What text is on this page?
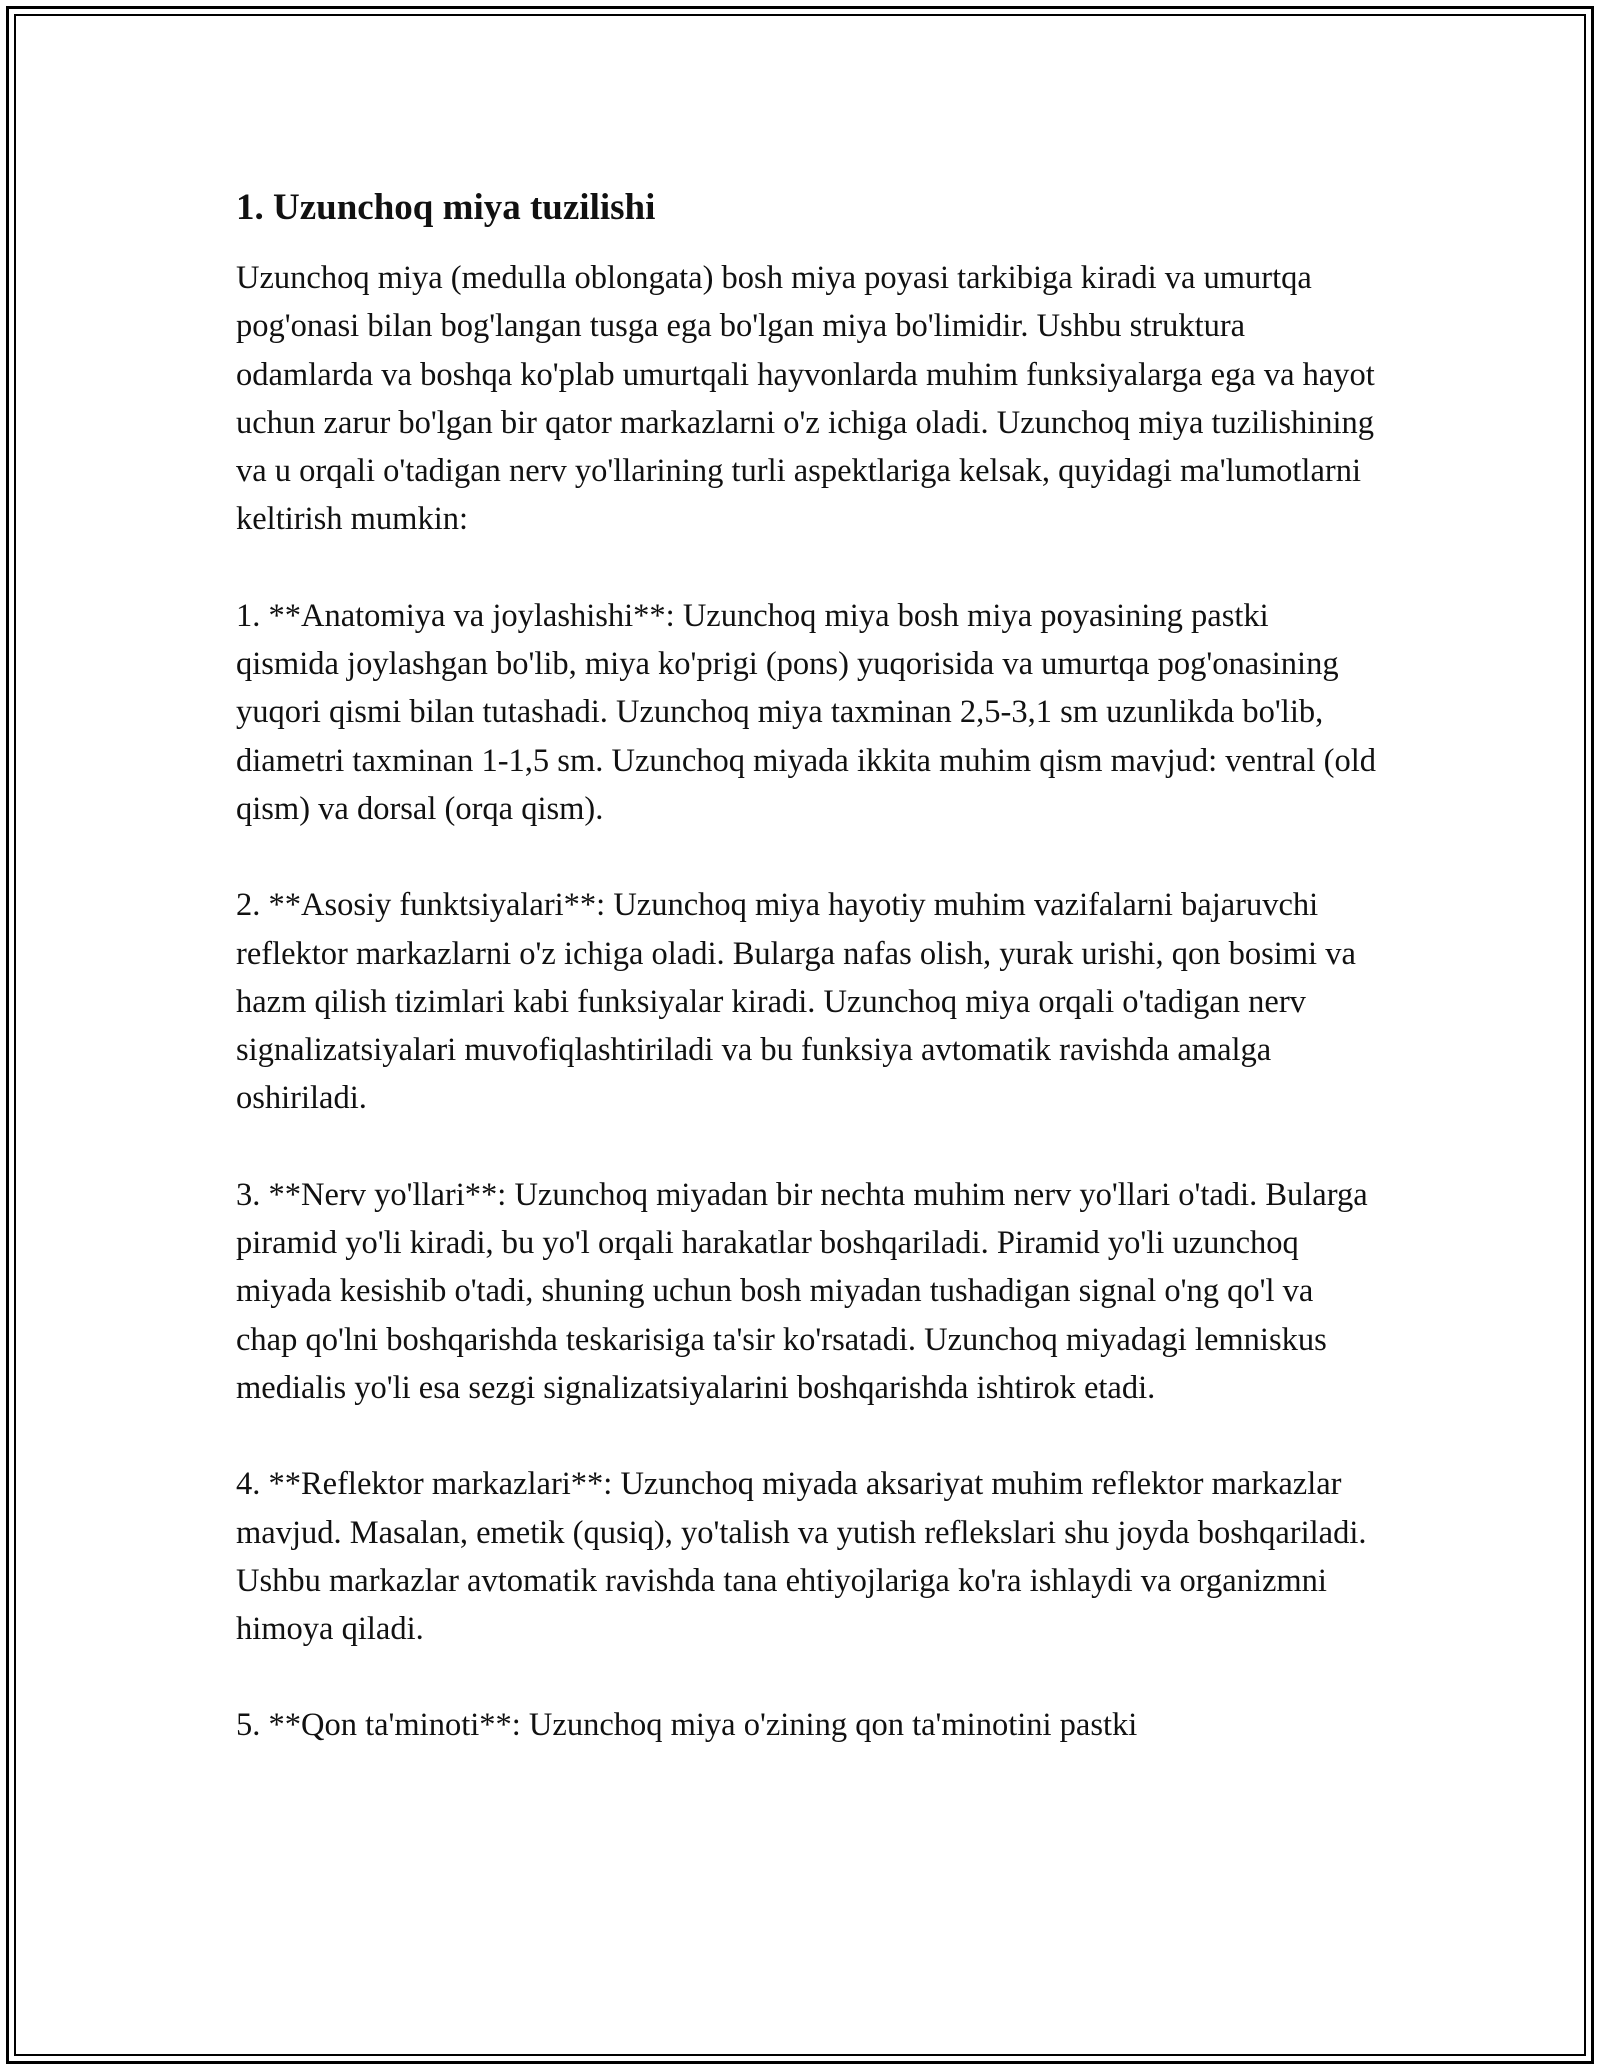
1. Uzunchoq miya tuzilishi

Uzunchoq miya (medulla oblongata) bosh miya poyasi tarkibiga kiradi va umurtqa pog'onasi bilan bog'langan tusga ega bo'lgan miya bo'limidir. Ushbu struktura odamlarda va boshqa ko'plab umurtqali hayvonlarda muhim funksiyalarga ega va hayot uchun zarur bo'lgan bir qator markazlarni o'z ichiga oladi. Uzunchoq miya tuzilishining va u orqali o'tadigan nerv yo'llarining turli aspektlariga kelsak, quyidagi ma'lumotlarni keltirish mumkin:

1. **Anatomiya va joylashishi**: Uzunchoq miya bosh miya poyasining pastki qismida joylashgan bo'lib, miya ko'prigi (pons) yuqorisida va umurtqa pog'onasining yuqori qismi bilan tutashadi. Uzunchoq miya taxminan 2,5-3,1 sm uzunlikda bo'lib, diametri taxminan 1-1,5 sm. Uzunchoq miyada ikkita muhim qism mavjud: ventral (old qism) va dorsal (orqa qism).

2. **Asosiy funktsiyalari**: Uzunchoq miya hayotiy muhim vazifalarni bajaruvchi reflektor markazlarni o'z ichiga oladi. Bularga nafas olish, yurak urishi, qon bosimi va hazm qilish tizimlari kabi funksiyalar kiradi. Uzunchoq miya orqali o'tadigan nerv signalizatsiyalari muvofiqlashtiriladi va bu funksiya avtomatik ravishda amalga oshiriladi.

3. **Nerv yo'llari**: Uzunchoq miyadan bir nechta muhim nerv yo'llari o'tadi. Bularga piramid yo'li kiradi, bu yo'l orqali harakatlar boshqariladi. Piramid yo'li uzunchoq miyada kesishib o'tadi, shuning uchun bosh miyadan tushadigan signal o'ng qo'l va chap qo'lni boshqarishda teskarisiga ta'sir ko'rsatadi. Uzunchoq miyadagi lemniskus medialis yo'li esa sezgi signalizatsiyalarini boshqarishda ishtirok etadi.

4. **Reflektor markazlari**: Uzunchoq miyada aksariyat muhim reflektor markazlar mavjud. Masalan, emetik (qusiq), yo'talish va yutish reflekslari shu joyda boshqariladi. Ushbu markazlar avtomatik ravishda tana ehtiyojlariga ko'ra ishlaydi va organizmni himoya qiladi.

5. **Qon ta'minoti**: Uzunchoq miya o'zining qon ta'minotini pastki
